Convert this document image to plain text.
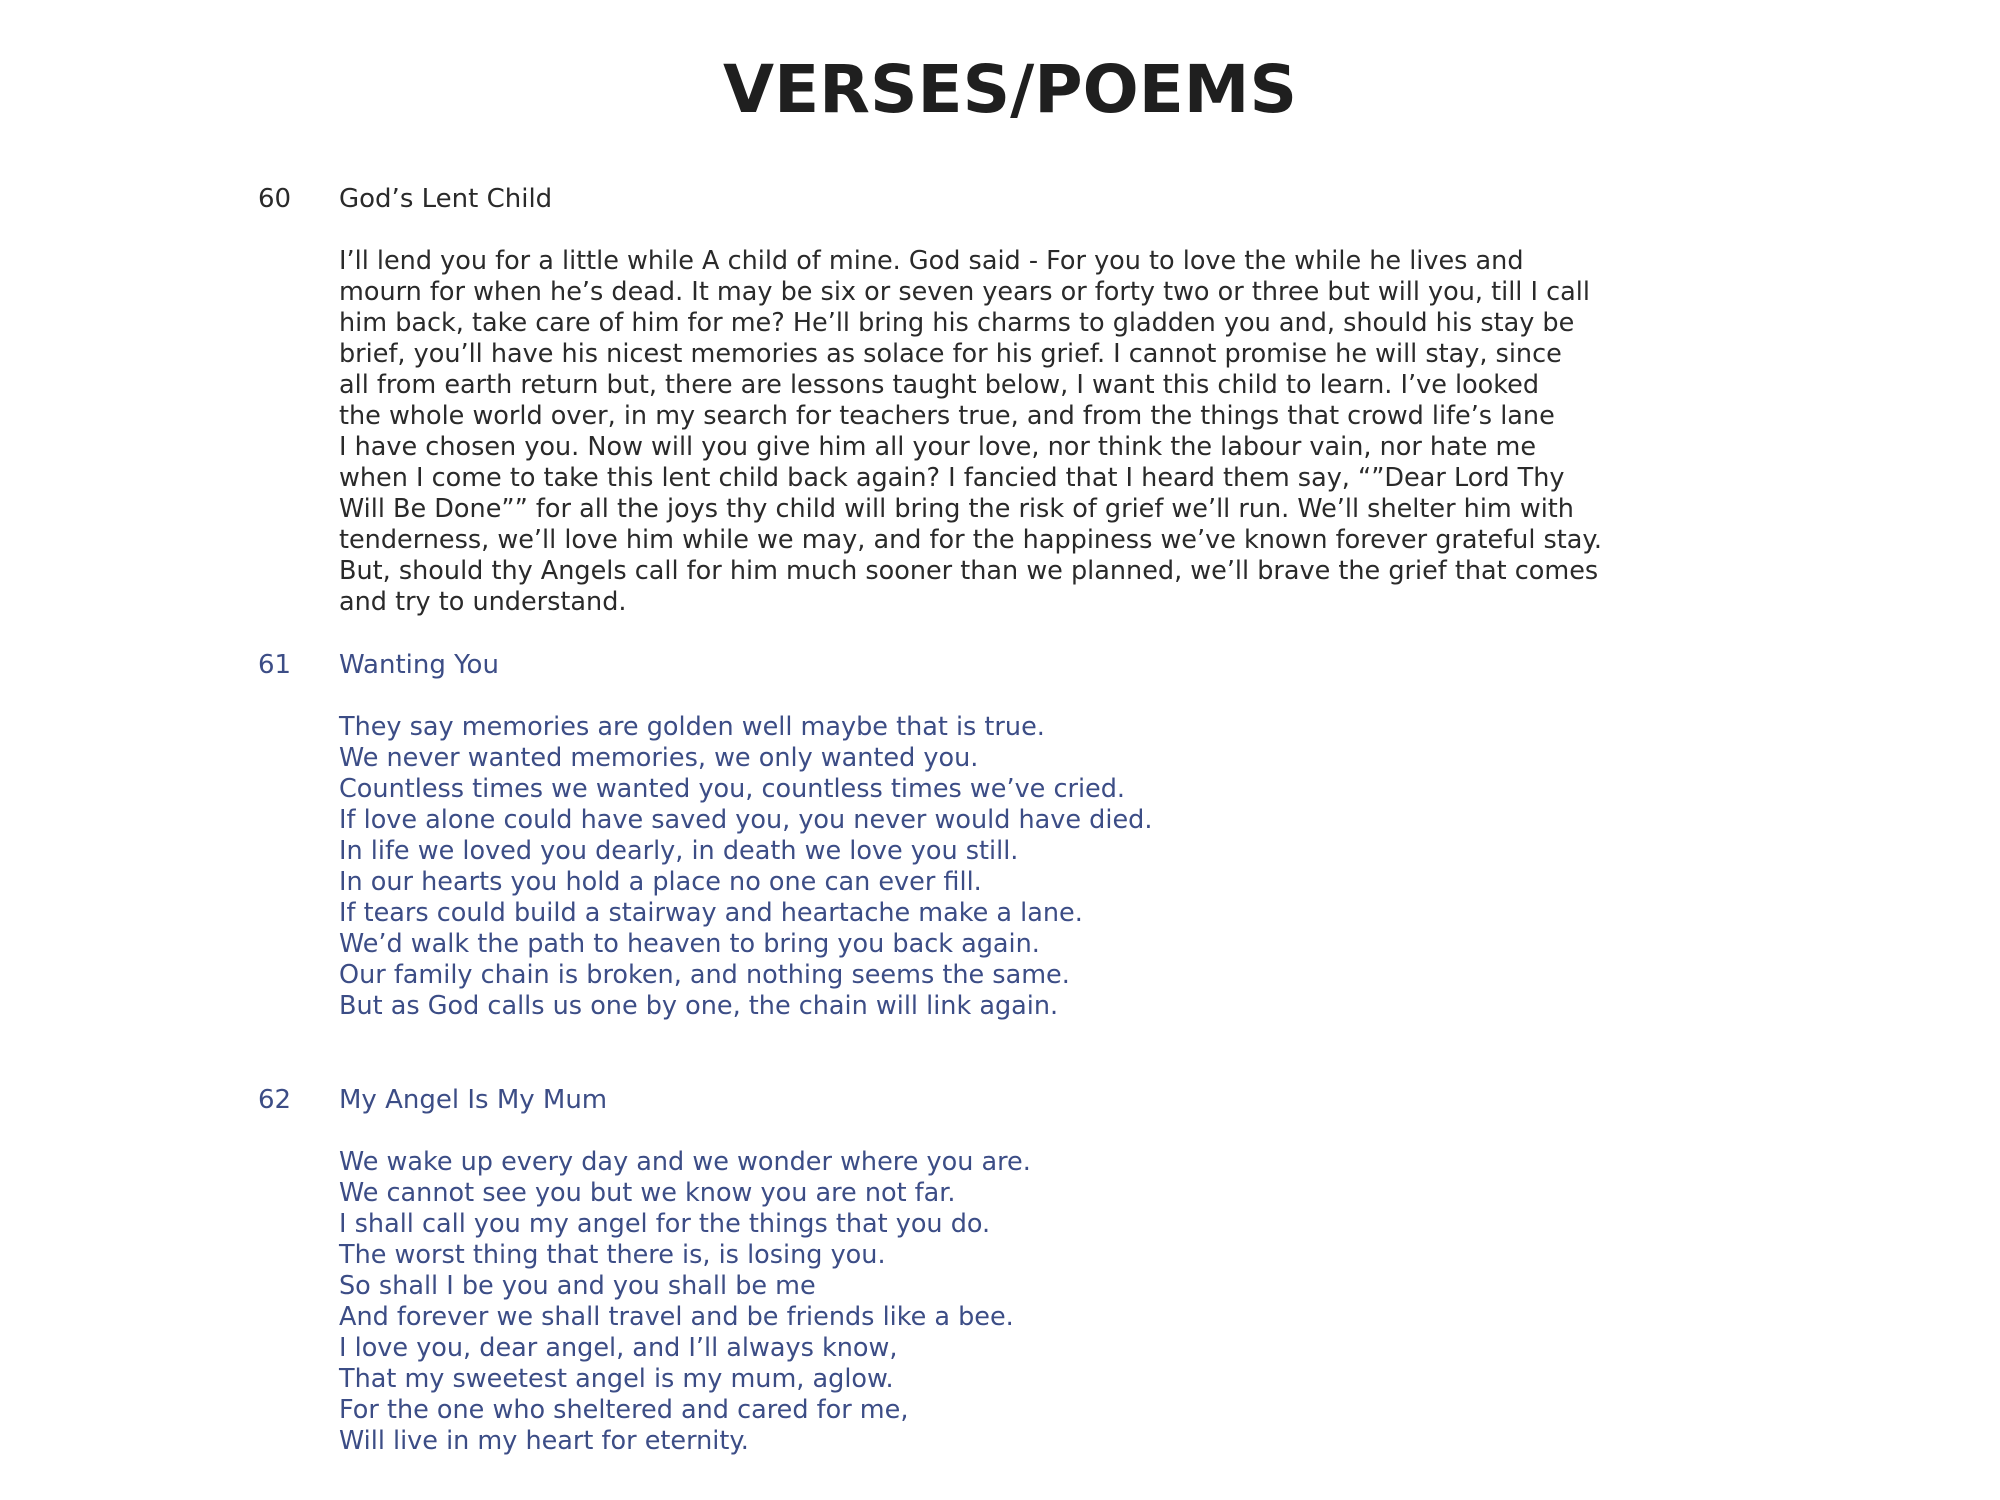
VERSES/POEMS
60 God’s Lent Child
I’ll lend you for a little while A child of mine. God said - For you to love the while he lives and
mourn for when he’s dead. It may be six or seven years or forty two or three but will you, till I call
him back, take care of him for me? He’ll bring his charms to gladden you and, should his stay be
brief, you’ll have his nicest memories as solace for his grief. I cannot promise he will stay, since
all from earth return but, there are lessons taught below, I want this child to learn. I’ve looked
the whole world over, in my search for teachers true, and from the things that crowd life’s lane
I have chosen you. Now will you give him all your love, nor think the labour vain, nor hate me
when I come to take this lent child back again? I fancied that I heard them say, “”Dear Lord Thy
Will Be Done”” for all the joys thy child will bring the risk of grief we’ll run. We’ll shelter him with
tenderness, we’ll love him while we may, and for the happiness we’ve known forever grateful stay.
But, should thy Angels call for him much sooner than we planned, we’ll brave the grief that comes
and try to understand.
61 Wanting You
They say memories are golden well maybe that is true.
We never wanted memories, we only wanted you.
Countless times we wanted you, countless times we’ve cried.
If love alone could have saved you, you never would have died.
In life we loved you dearly, in death we love you still.
In our hearts you hold a place no one can ever fill.
If tears could build a stairway and heartache make a lane.
We’d walk the path to heaven to bring you back again.
Our family chain is broken, and nothing seems the same.
But as God calls us one by one, the chain will link again.
62 My Angel Is My Mum
We wake up every day and we wonder where you are.
We cannot see you but we know you are not far.
I shall call you my angel for the things that you do.
The worst thing that there is, is losing you.
So shall I be you and you shall be me
And forever we shall travel and be friends like a bee.
I love you, dear angel, and I’ll always know,
That my sweetest angel is my mum, aglow.
For the one who sheltered and cared for me,
Will live in my heart for eternity.
